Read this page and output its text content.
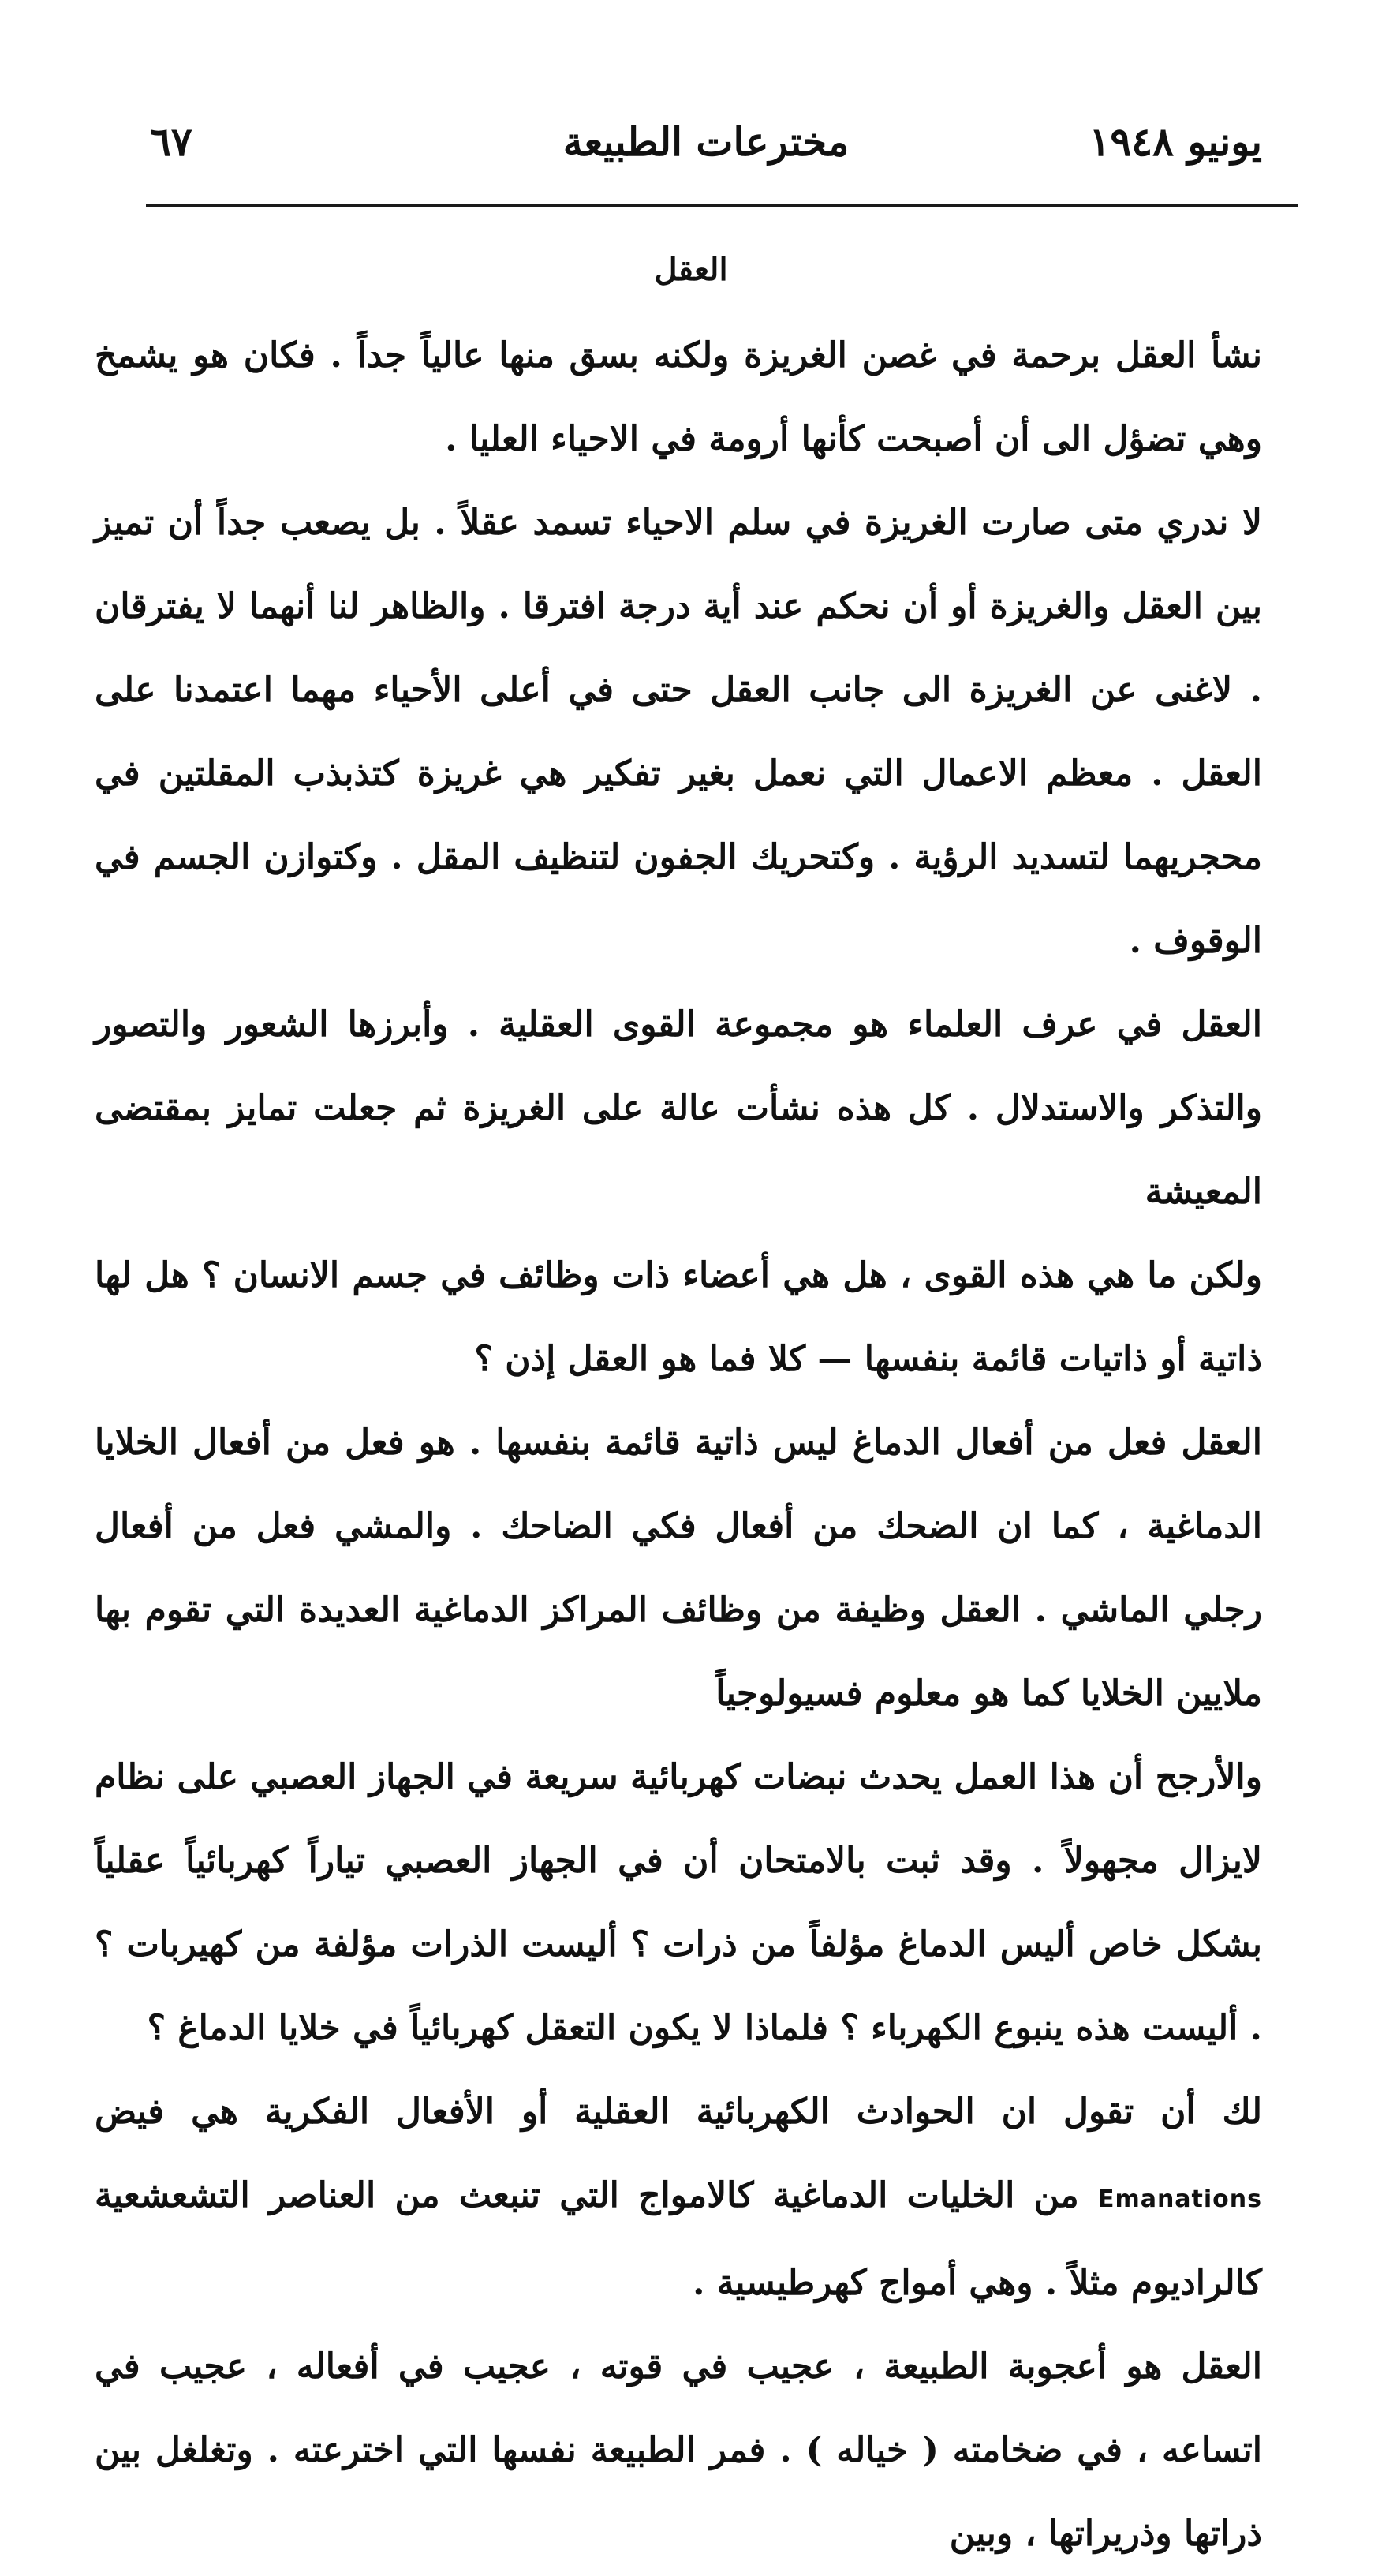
يونيو ١٩٤٨
مخترعات الطبيعة
٦٧
العقل

نشأ العقل برحمة في غصن الغريزة ولكنه بسق منها عالياً جداً . فكان هو يشمخ وهي تضؤل الى أن أصبحت كأنها أرومة في الاحياء العليا .

لا ندري متى صارت الغريزة في سلم الاحياء تسمد عقلاً . بل يصعب جداً أن تميز بين العقل والغريزة أو أن نحكم عند أية درجة افترقا . والظاهر لنا أنهما لا يفترقان . لاغنى عن الغريزة الى جانب العقل حتى في أعلى الأحياء مهما اعتمدنا على العقل . معظم الاعمال التي نعمل بغير تفكير هي غريزة كتذبذب المقلتين في محجريهما لتسديد الرؤية . وكتحريك الجفون لتنظيف المقل . وكتوازن الجسم في الوقوف .

العقل في عرف العلماء هو مجموعة القوى العقلية . وأبرزها الشعور والتصور والتذكر والاستدلال . كل هذه نشأت عالة على الغريزة ثم جعلت تمايز بمقتضى المعيشة

ولكن ما هي هذه القوى ، هل هي أعضاء ذات وظائف في جسم الانسان ؟ هل لها ذاتية أو ذاتيات قائمة بنفسها — كلا فما هو العقل إذن ؟

العقل فعل من أفعال الدماغ ليس ذاتية قائمة بنفسها . هو فعل من أفعال الخلايا الدماغية ، كما ان الضحك من أفعال فكي الضاحك . والمشي فعل من أفعال رجلي الماشي . العقل وظيفة من وظائف المراكز الدماغية العديدة التي تقوم بها ملايين الخلايا كما هو معلوم فسيولوجياً

والأرجح أن هذا العمل يحدث نبضات كهربائية سريعة في الجهاز العصبي على نظام لايزال مجهولاً . وقد ثبت بالامتحان أن في الجهاز العصبي تياراً كهربائياً عقلياً بشكل خاص أليس الدماغ مؤلفاً من ذرات ؟ أليست الذرات مؤلفة من كهيربات ؟ . أليست هذه ينبوع الكهرباء ؟ فلماذا لا يكون التعقل كهربائياً في خلايا الدماغ ؟

لك أن تقول ان الحوادث الكهربائية العقلية أو الأفعال الفكرية هي فيض Emanations من الخليات الدماغية كالامواج التي تنبعث من العناصر التشعشعية كالراديوم مثلاً . وهي أمواج كهرطيسية .

العقل هو أعجوبة الطبيعة ، عجيب في قوته ، عجيب في أفعاله ، عجيب في اتساعه ، في ضخامته ( خياله ) . فمر الطبيعة نفسها التي اخترعته . وتغلغل بين ذراتها وذريراتها ، وبين
